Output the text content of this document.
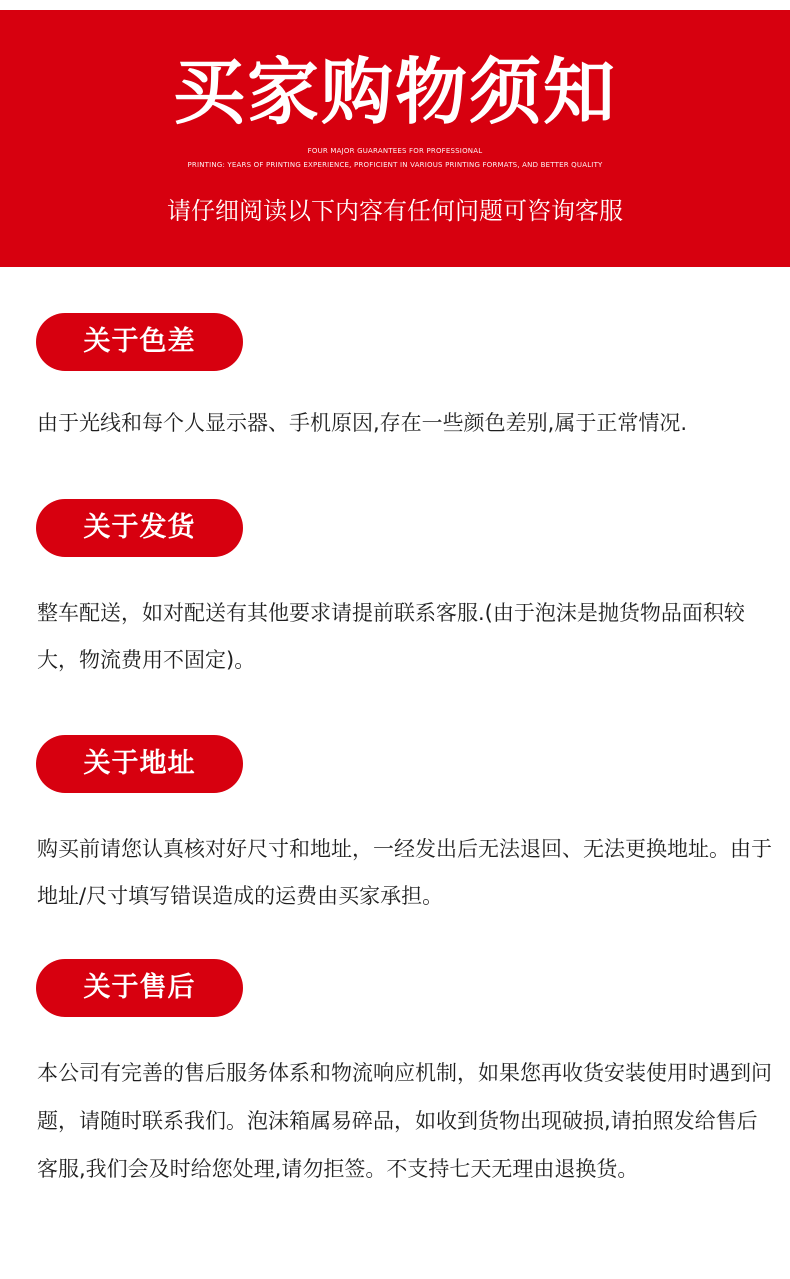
买家购物须知
FOUR MAJOR GUARANTEES FOR PROFESSIONAL
PRINTING: YEARS OF PRINTING EXPERIENCE, PROFICIENT IN VARIOUS PRINTING FORMATS, AND BETTER QUALITY
请仔细阅读以下内容有任何问题可咨询客服
关于色差
由于光线和每个人显示器、手机原因,存在一些颜色差别,属于正常情况.
关于发货
整车配送，如对配送有其他要求请提前联系客服.(由于泡沫是抛货物品面积较大，物流费用不固定)。
关于地址
购买前请您认真核对好尺寸和地址，一经发出后无法退回、无法更换地址。由于地址/尺寸填写错误造成的运费由买家承担。
关于售后
本公司有完善的售后服务体系和物流响应机制，如果您再收货安装使用时遇到问题，请随时联系我们。泡沫箱属易碎品，如收到货物出现破损,请拍照发给售后客服,我们会及时给您处理,请勿拒签。不支持七天无理由退换货。
